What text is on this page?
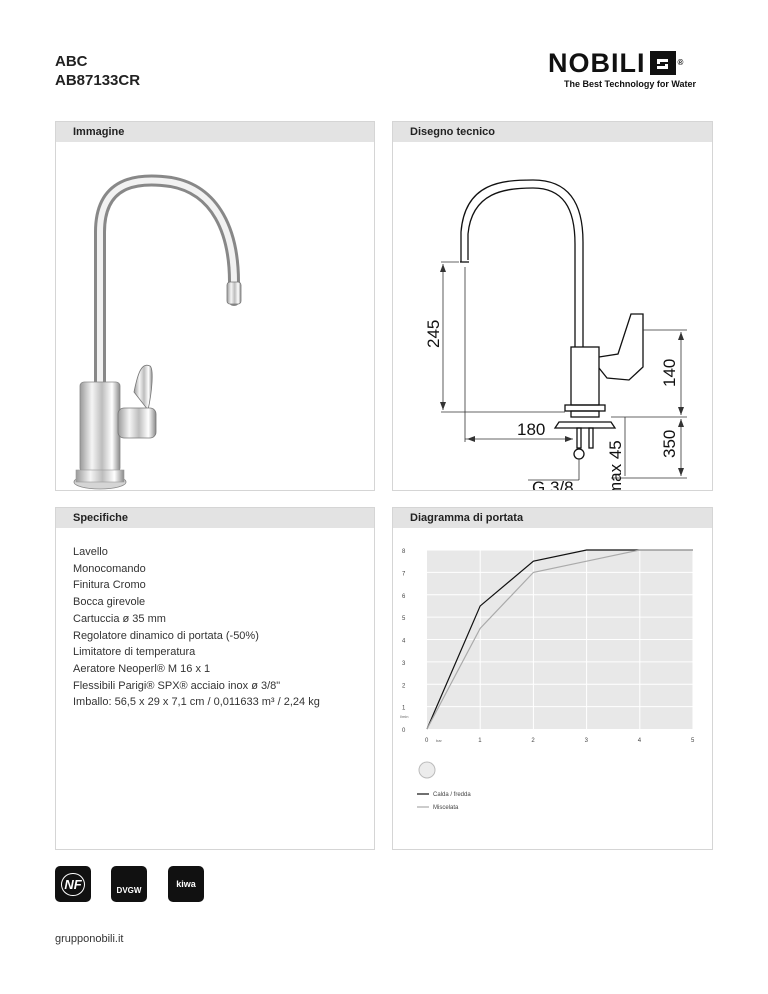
ABC
AB87133CR
NOBILI	®
The Best Technology for Water
Immagine	Disegno tecnico
245
140
180
350
max 45
G 3/8
Specifiche
Lavello
Monocomando
Finitura Cromo
Bocca girevole
Cartuccia ø 35 mm
Regolatore dinamico di portata (-50%)
Limitatore di temperatura
Aeratore Neoperl® M 16 x 1
Flessibili Parigi® SPX® acciaio inox ø 3/8"
Imballo: 56,5 x 29 x 7,1 cm / 0,011633 m³ / 2,24 kg
Diagramma di portata
0
1
2
3
4
5
6
7
8
0	1	2	3	4	5
l/min
bar
Calda / fredda
Miscelata
NF	DVGW
kiwa
grupponobili.it
